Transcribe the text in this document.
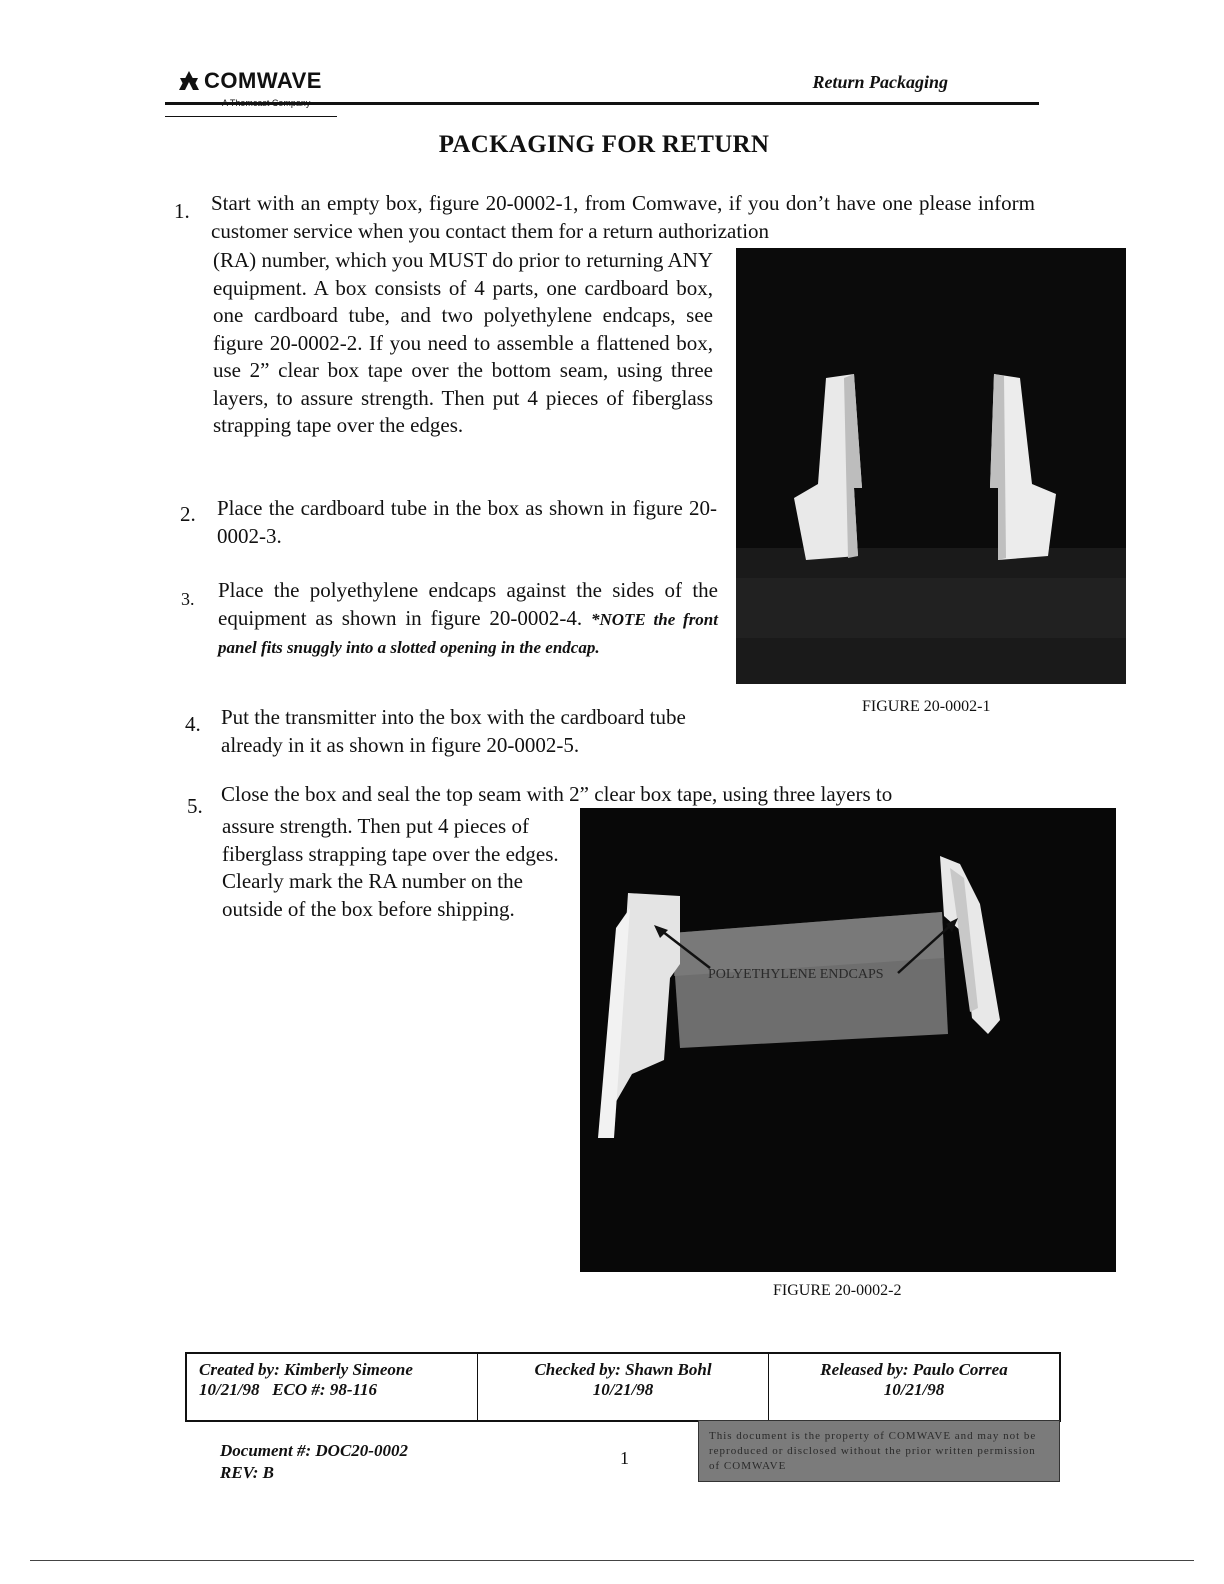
COMWAVE	Return Packaging
PACKAGING FOR RETURN
1. Start with an empty box, figure 20-0002-1, from Comwave, if you don’t have one please inform customer service when you contact them for a return authorization
(RA) number, which you MUST do prior to returning ANY equipment. A box consists of 4 parts, one cardboard box, one cardboard tube, and two polyethylene endcaps, see figure 20-0002-2. If you need to assemble a flattened box, use 2” clear box tape over the bottom seam, using three layers, to assure strength. Then put 4 pieces of fiberglass strapping tape over the edges.
FIGURE 20-0002-1
2. Place the cardboard tube in the box as shown in figure 20-0002-3.
3. Place the polyethylene endcaps against the sides of the equipment as shown in figure 20-0002-4. *NOTE the front panel fits snuggly into a slotted opening in the endcap.
4. Put the transmitter into the box with the cardboard tube already in it as shown in figure 20-0002-5.
5. Close the box and seal the top seam with 2” clear box tape, using three layers to
assure strength. Then put 4 pieces of fiberglass strapping tape over the edges. Clearly mark the RA number on the outside of the box before shipping.
POLYETHYLENE ENDCAPS
FIGURE 20-0002-2
Created by: Kimberly Simeone
10/21/98 ECO #: 98-116
Checked by: Shawn Bohl
10/21/98
Released by: Paulo Correa
10/21/98
Document #: DOC20-0002
REV: B
1
This document is the property of COMWAVE and may not be reproduced or disclosed without the prior written permission of COMWAVE
